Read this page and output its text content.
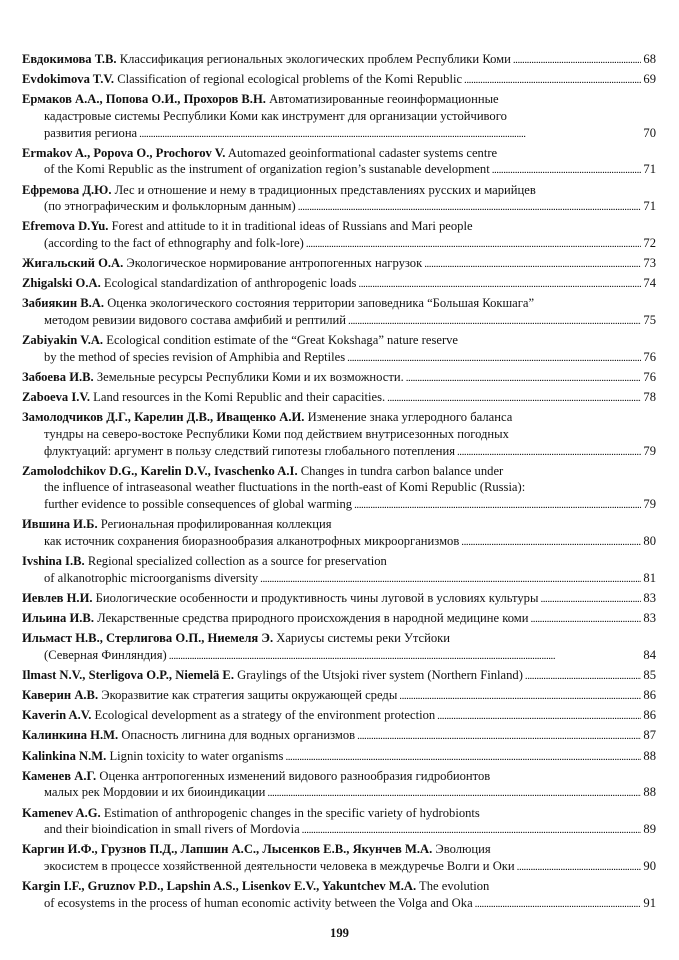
Евдокимова Т.В. Классификация региональных экологических проблем Республики Коми . . .	68
Evdokimova T.V. Classification of regional ecological problems of the Komi Republic . . .	69
Ермаков А.А., Попова О.И., Прохоров В.Н. Автоматизированные геоинформационные
кадастровые системы Республики Коми как инструмент для организации устойчивого
развития региона . . .	70
Ermakov A., Popova O., Prochorov V. Automazed geoinformational cadaster systems centre
of the Komi Republic as the instrument of organization region’s sustanable development . . .	71
Ефремова Д.Ю. Лес и отношение и нему в традиционных представлениях русских и марийцев
(по этнографическим и фольклорным данным) . . .	71
Efremova D.Yu. Forest and attitude to it in traditional ideas of Russians and Mari people
(according to the fact of ethnography and folk-lore) . . .	72
Жигальский О.А. Экологическое нормирование антропогенных нагрузок . . .	73
Zhigalski O.A. Ecological standardization of anthropogenic loads . . .	74
Забиякин В.А. Оценка экологического состояния территории заповедника “Большая Кокшага”
методом ревизии видового состава амфибий и рептилий . . .	75
Zabiyakin V.A. Ecological condition estimate of the “Great Kokshaga” nature reserve
by the method of species revision of Amphibia and Reptiles . . .	76
Забоева И.В. Земельные ресурсы Республики Коми и их возможности. . . .	76
Zaboeva I.V. Land resources in the Komi Republic and their capacities. . . .	78
Замолодчиков Д.Г., Карелин Д.В., Иващенко А.И. Изменение знака углеродного баланса
тундры на северо-востоке Республики Коми под действием внутрисезонных погодных
флуктуаций: аргумент в пользу следствий гипотезы глобального потепления . . .	79
Zamolodchikov D.G., Karelin D.V., Ivaschenko A.I. Changes in tundra carbon balance under
the influence of intraseasonal weather fluctuations in the north-east of Komi Republic (Russia):
further evidence to possible consequences of global warming . . .	79
Ившина И.Б. Региональная профилированная коллекция
как источник сохранения биоразнообразия алканотрофных микроорганизмов . . .	80
Ivshina I.B. Regional specialized collection as a source for preservation
of alkanotrophic microorganisms diversity . . .	81
Иевлев Н.И. Биологические особенности и продуктивность чины луговой в условиях культуры . . .	83
Ильина И.В. Лекарственные средства природного происхождения в народной медицине коми . . .	83
Ильмаст Н.В., Стерлигова О.П., Ниемеля Э. Хариусы системы реки Утсйоки
(Северная Финляндия) . . .	84
Ilmast N.V., Sterligova O.P., Niemelä E. Graylings of the Utsjoki river system (Northern Finland) . . .	85
Каверин А.В. Экоразвитие как стратегия защиты окружающей среды . . .	86
Kaverin A.V. Ecological development as a strategy of the environment protection . . .	86
Калинкина Н.М. Опасность лигнина для водных организмов . . .	87
Kalinkina N.M. Lignin toxicity to water organisms . . .	88
Каменев А.Г. Оценка антропогенных изменений видового разнообразия гидробионтов
малых рек Мордовии и их биоиндикации . . .	88
Kamenev A.G. Estimation of anthropogenic changes in the specific variety of hydrobionts
and their bioindication in small rivers of Mordovia . . .	89
Каргин И.Ф., Грузнов П.Д., Лапшин А.С., Лысенков Е.В., Якунчев М.А. Эволюция
экосистем в процессе хозяйственной деятельности человека в междуречье Волги и Оки . . .	90
Kargin I.F., Gruznov P.D., Lapshin A.S., Lisenkov E.V., Yakuntchev M.A. The evolution
of ecosystems in the process of human economic activity between the Volga and Oka . . .	91
199
